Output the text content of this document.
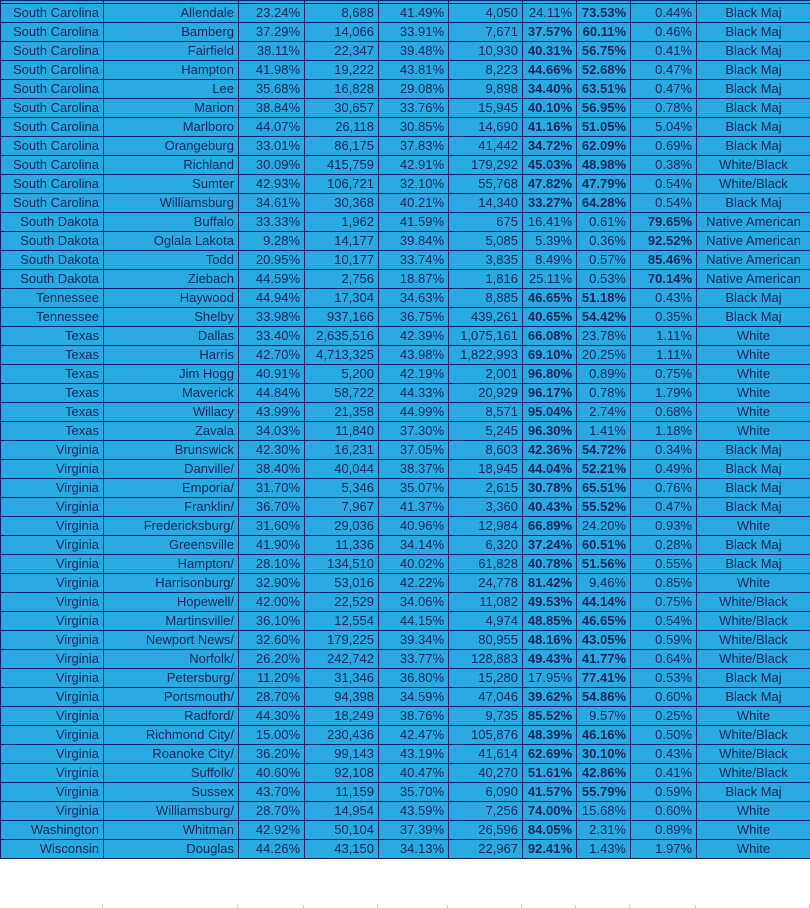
South Carolina	Allendale	23.24%	8,688	41.49%	4,050	24.11%	73.53%	0.44%	Black Maj
South Carolina	Bamberg	37.29%	14,066	33.91%	7,671	37.57%	60.11%	0.46%	Black Maj
South Carolina	Fairfield	38.11%	22,347	39.48%	10,930	40.31%	56.75%	0.41%	Black Maj
South Carolina	Hampton	41.98%	19,222	43.81%	8,223	44.66%	52.68%	0.47%	Black Maj
South Carolina	Lee	35.68%	16,828	29.08%	9,898	34.40%	63.51%	0.47%	Black Maj
South Carolina	Marion	38.84%	30,657	33.76%	15,945	40.10%	56.95%	0.78%	Black Maj
South Carolina	Marlboro	44.07%	26,118	30.85%	14,690	41.16%	51.05%	5.04%	Black Maj
South Carolina	Orangeburg	33.01%	86,175	37.83%	41,442	34.72%	62.09%	0.69%	Black Maj
South Carolina	Richland	30.09%	415,759	42.91%	179,292	45.03%	48.98%	0.38%	White/Black
South Carolina	Sumter	42.93%	106,721	32.10%	55,768	47.82%	47.79%	0.54%	White/Black
South Carolina	Williamsburg	34.61%	30,368	40.21%	14,340	33.27%	64.28%	0.54%	Black Maj
South Dakota	Buffalo	33.33%	1,962	41.59%	675	16.41%	0.61%	79.65%	Native American
South Dakota	Oglala Lakota	9.28%	14,177	39.84%	5,085	5.39%	0.36%	92.52%	Native American
South Dakota	Todd	20.95%	10,177	33.74%	3,835	8.49%	0.57%	85.46%	Native American
South Dakota	Ziebach	44.59%	2,756	18.87%	1,816	25.11%	0.53%	70.14%	Native American
Tennessee	Haywood	44.94%	17,304	34.63%	8,885	46.65%	51.18%	0.43%	Black Maj
Tennessee	Shelby	33.98%	937,166	36.75%	439,261	40.65%	54.42%	0.35%	Black Maj
Texas	Dallas	33.40%	2,635,516	42.39%	1,075,161	66.08%	23.78%	1.11%	White
Texas	Harris	42.70%	4,713,325	43.98%	1,822,993	69.10%	20.25%	1.11%	White
Texas	Jim Hogg	40.91%	5,200	42.19%	2,001	96.80%	0.89%	0.75%	White
Texas	Maverick	44.84%	58,722	44.33%	20,929	96.17%	0.78%	1.79%	White
Texas	Willacy	43.99%	21,358	44.99%	8,571	95.04%	2.74%	0.68%	White
Texas	Zavala	34.03%	11,840	37.30%	5,245	96.30%	1.41%	1.18%	White
Virginia	Brunswick	42.30%	16,231	37.05%	8,603	42.36%	54.72%	0.34%	Black Maj
Virginia	Danville/	38.40%	40,044	38.37%	18,945	44.04%	52.21%	0.49%	Black Maj
Virginia	Emporia/	31.70%	5,346	35.07%	2,615	30.78%	65.51%	0.76%	Black Maj
Virginia	Franklin/	36.70%	7,967	41.37%	3,360	40.43%	55.52%	0.47%	Black Maj
Virginia	Fredericksburg/	31.60%	29,036	40.96%	12,984	66.89%	24.20%	0.93%	White
Virginia	Greensville	41.90%	11,336	34.14%	6,320	37.24%	60.51%	0.28%	Black Maj
Virginia	Hampton/	28.10%	134,510	40.02%	61,828	40.78%	51.56%	0.55%	Black Maj
Virginia	Harrisonburg/	32.90%	53,016	42.22%	24,778	81.42%	9.46%	0.85%	White
Virginia	Hopewell/	42.00%	22,529	34.06%	11,082	49.53%	44.14%	0.75%	White/Black
Virginia	Martinsville/	36.10%	12,554	44.15%	4,974	48.85%	46.65%	0.54%	White/Black
Virginia	Newport News/	32.60%	179,225	39.34%	80,955	48.16%	43.05%	0.59%	White/Black
Virginia	Norfolk/	26.20%	242,742	33.77%	128,883	49.43%	41.77%	0.64%	White/Black
Virginia	Petersburg/	11.20%	31,346	36.80%	15,280	17.95%	77.41%	0.53%	Black Maj
Virginia	Portsmouth/	28.70%	94,398	34.59%	47,046	39.62%	54.86%	0.60%	Black Maj
Virginia	Radford/	44.30%	18,249	38.76%	9,735	85.52%	9.57%	0.25%	White
Virginia	Richmond City/	15.00%	230,436	42.47%	105,876	48.39%	46.16%	0.50%	White/Black
Virginia	Roanoke City/	36.20%	99,143	43.19%	41,614	62.69%	30.10%	0.43%	White/Black
Virginia	Suffolk/	40.60%	92,108	40.47%	40,270	51.61%	42.86%	0.41%	White/Black
Virginia	Sussex	43.70%	11,159	35.70%	6,090	41.57%	55.79%	0.59%	Black Maj
Virginia	Williamsburg/	28.70%	14,954	43.59%	7,256	74.00%	15.68%	0.60%	White
Washington	Whitman	42.92%	50,104	37.39%	26,596	84.05%	2.31%	0.89%	White
Wisconsin	Douglas	44.26%	43,150	34.13%	22,967	92.41%	1.43%	1.97%	White
